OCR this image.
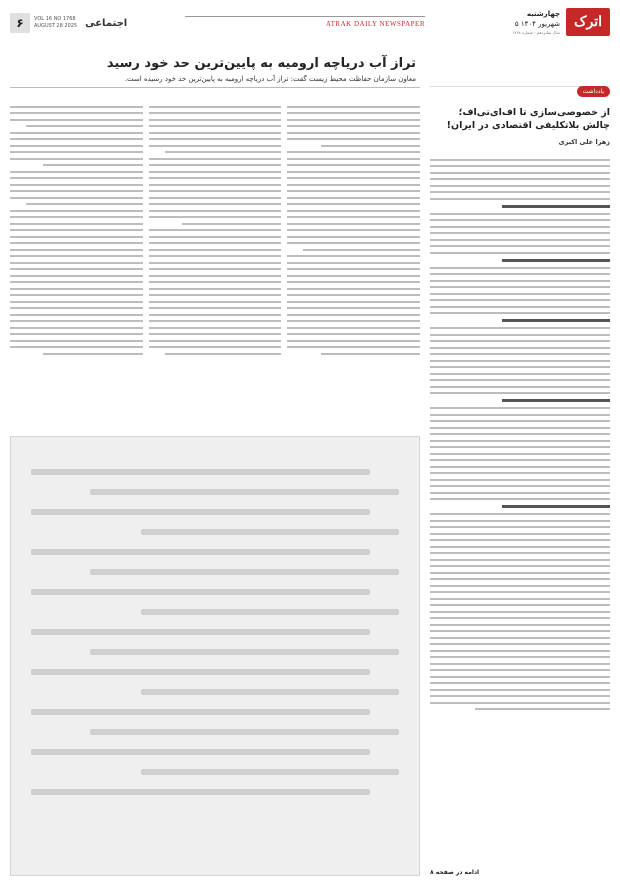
۶	VOL 16 NO 1768
AUGUST 28 2025 اجتماعی	ATRAK DAILY NEWSPAPER	اترک
چهارشنبه
۵ شهریور ۱۴۰۴
سال شانزدهم - شماره ۱۷۶۸
تراز آب دریاچه ارومیه به پایین‌ترین حد خود رسید
معاون سازمان حفاظت محیط زیست گفت: تراز آب دریاچه ارومیه به پایین‌ترین حد خود رسیده است.
یادداشت
از خصوصی‌سازی تا اف‌ای‌تی‌اف؛ چالش بلاتکلیفی اقتصادی در ایران!
زهرا علی اکبری
ادامه در صفحه ۸
